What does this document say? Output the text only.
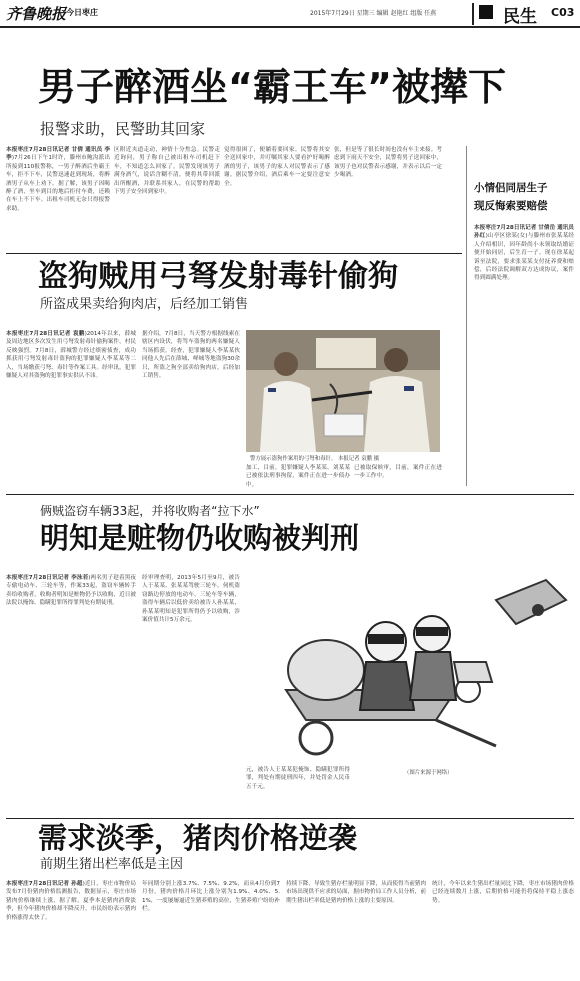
齐鲁晚报 今日枣庄	2015年7月29日 星期三 编辑 赵艳红 组版 任燕	民生 C03
男子醉酒坐“霸王车”被撵下
报警求助，民警助其回家
本报枣庄7月28日讯记者 甘倩 通讯员 李季)7月26日下午1时许，滕州市鲍沟派出所接到110报警称，一男子醉酒后坐霸王车，拒不下车，民警迅速赶到现场，将醉酒男子从车上劝下。据了解，该男子因喝醉了酒，坐车到目的地后拒付车费，还赖在车上不下车。出租车司机无奈只得报警求助。
区附近夹道走动，神情十分焦急。民警走近询问，男子称自己被出租车司机赶下车，不知道怎么回家了。民警发现该男子满身酒气，说话含糊不清，便将其带回派出所醒酒，并联系其家人，在民警的帮助下男子安全回到家中。
觉得很困了，便躺着要回家。民警将其安全送回家中，并叮嘱其家人要看护好喝醉酒的男子，该男子的家人对民警表示了感谢。据民警介绍，酒后乘车一定要注意安全。
张，但是等了很长时间也没有车主来接。考虑到下雨天不安全，民警将男子送回家中，该男子也对民警表示感谢，并表示以后一定少喝酒。
小情侣同居生子
现反悔索要赔偿
本报枣庄7月28日讯记者 甘倩岳 通讯员 孙红)山亭区徐某(女)与滕州市张某某经人介绍相识，因年龄尚小未领取结婚证便开始同居，后生育一子。现在徐某起诉至法院，要求张某某支付抚养费和赔偿，后经法院调解双方达成协议，案件得到圆满处理。
盗狗贼用弓弩发射毒针偷狗
所盗成果卖给狗肉店，后经加工销售
本报枣庄7月28日讯记者 袁鹏)2014年以来，薛城及周边地区多次发生用弓弩发射毒针偷狗案件，村民反映强烈。7月8日，薛城警方经过缜密侦查，成功抓获用弓弩发射毒针盗狗的犯罪嫌疑人李某某等二人，当场缴获弓弩、毒针等作案工具。经审讯，犯罪嫌疑人对其盗狗的犯罪事实供认不讳。
据介绍，7月8日，当天警方根据线索在辖区内设伏，将驾车盗狗的两名嫌疑人当场抓获。经查，犯罪嫌疑人李某某伙同他人先后在薛城、峄城等地盗狗30余只，所盗之狗全部卖给狗肉店，后经加工销售。
警方展示盗狗作案用的弓弩和毒针。 本报记者 袁鹏 摄
加工，目前，犯罪嫌疑人李某某、刘某某已被依法刑事拘留，案件正在进一步侦办中。
已被取保候审，目前，案件正在进一步工作中。
俩贼盗窃车辆33起，并将收购者“拉下水”
明知是赃物仍收购被判刑
本报枣庄7月28日讯记者 李泳若)两名男子趁着黑夜专偷电动车、三轮车等，作案33起，盗窃车辆转手卖给收购者，收购者明知是赃物仍予以收购，近日被法院以掩饰、隐瞒犯罪所得罪判处有期徒刑。
经审理查明，2013年5月至9月，被告人于某某、张某某驾驶三轮车，伺机盗窃路边停放的电动车、三轮车等车辆，盗得车辆后以低价卖给被告人孙某某，孙某某明知是犯罪所得仍予以收购，涉案价值共计5万余元。
（图片来源于网络）
元，被告人王某某犯掩饰、隐瞒犯罪所得罪，判处有期徒刑四年，并处罚金人民币五千元。
需求淡季，猪肉价格逆袭
前期生猪出栏率低是主因
本报枣庄7月28日讯记者 孙超)近日，枣庄市物价局发布7月份猪肉价格监测报告，数据显示，枣庄市场猪肉价格继续上涨，据了解，夏季本是猪肉消费淡季，但今年猪肉价格却不降反升，市民纷纷表示猪肉价格涨得太快了。
年同期分别上涨3.7%、7.5%、9.2%，而从4月份到7月份，猪肉价格月环比上涨分别为1.9%、4.0%、5.1%，一度屡屡逼近生猪养殖的高位，生猪养殖户纷纷补栏。
持续下降，导致生猪存栏量明显下降，从而使得当前猪肉市场出现供不应求的局面，据市物价局工作人员分析，前期生猪出栏率低是猪肉价格上涨的主要原因。
统计，今年以来生猪出栏量同比下降，枣庄市场猪肉价格已经连续数月上涨，后期价格可能仍将保持平稳上涨态势。
